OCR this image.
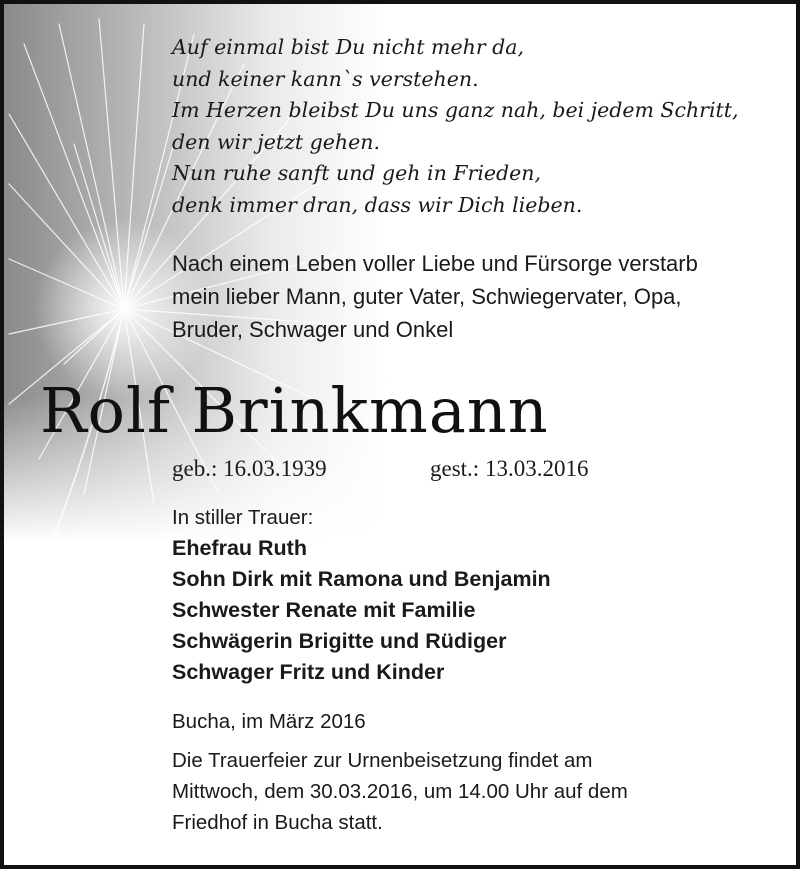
Auf einmal bist Du nicht mehr da,
und keiner kann`s verstehen.
Im Herzen bleibst Du uns ganz nah, bei jedem Schritt,
den wir jetzt gehen.
Nun ruhe sanft und geh in Frieden,
denk immer dran, dass wir Dich lieben.
Nach einem Leben voller Liebe und Fürsorge verstarb
mein lieber Mann, guter Vater, Schwiegervater, Opa,
Bruder, Schwager und Onkel
Rolf Brinkmann
geb.: 16.03.1939	gest.: 13.03.2016
In stiller Trauer:
Ehefrau Ruth
Sohn Dirk mit Ramona und Benjamin
Schwester Renate mit Familie
Schwägerin Brigitte und Rüdiger
Schwager Fritz und Kinder
Bucha, im März 2016
Die Trauerfeier zur Urnenbeisetzung findet am
Mittwoch, dem 30.03.2016, um 14.00 Uhr auf dem
Friedhof in Bucha statt.
